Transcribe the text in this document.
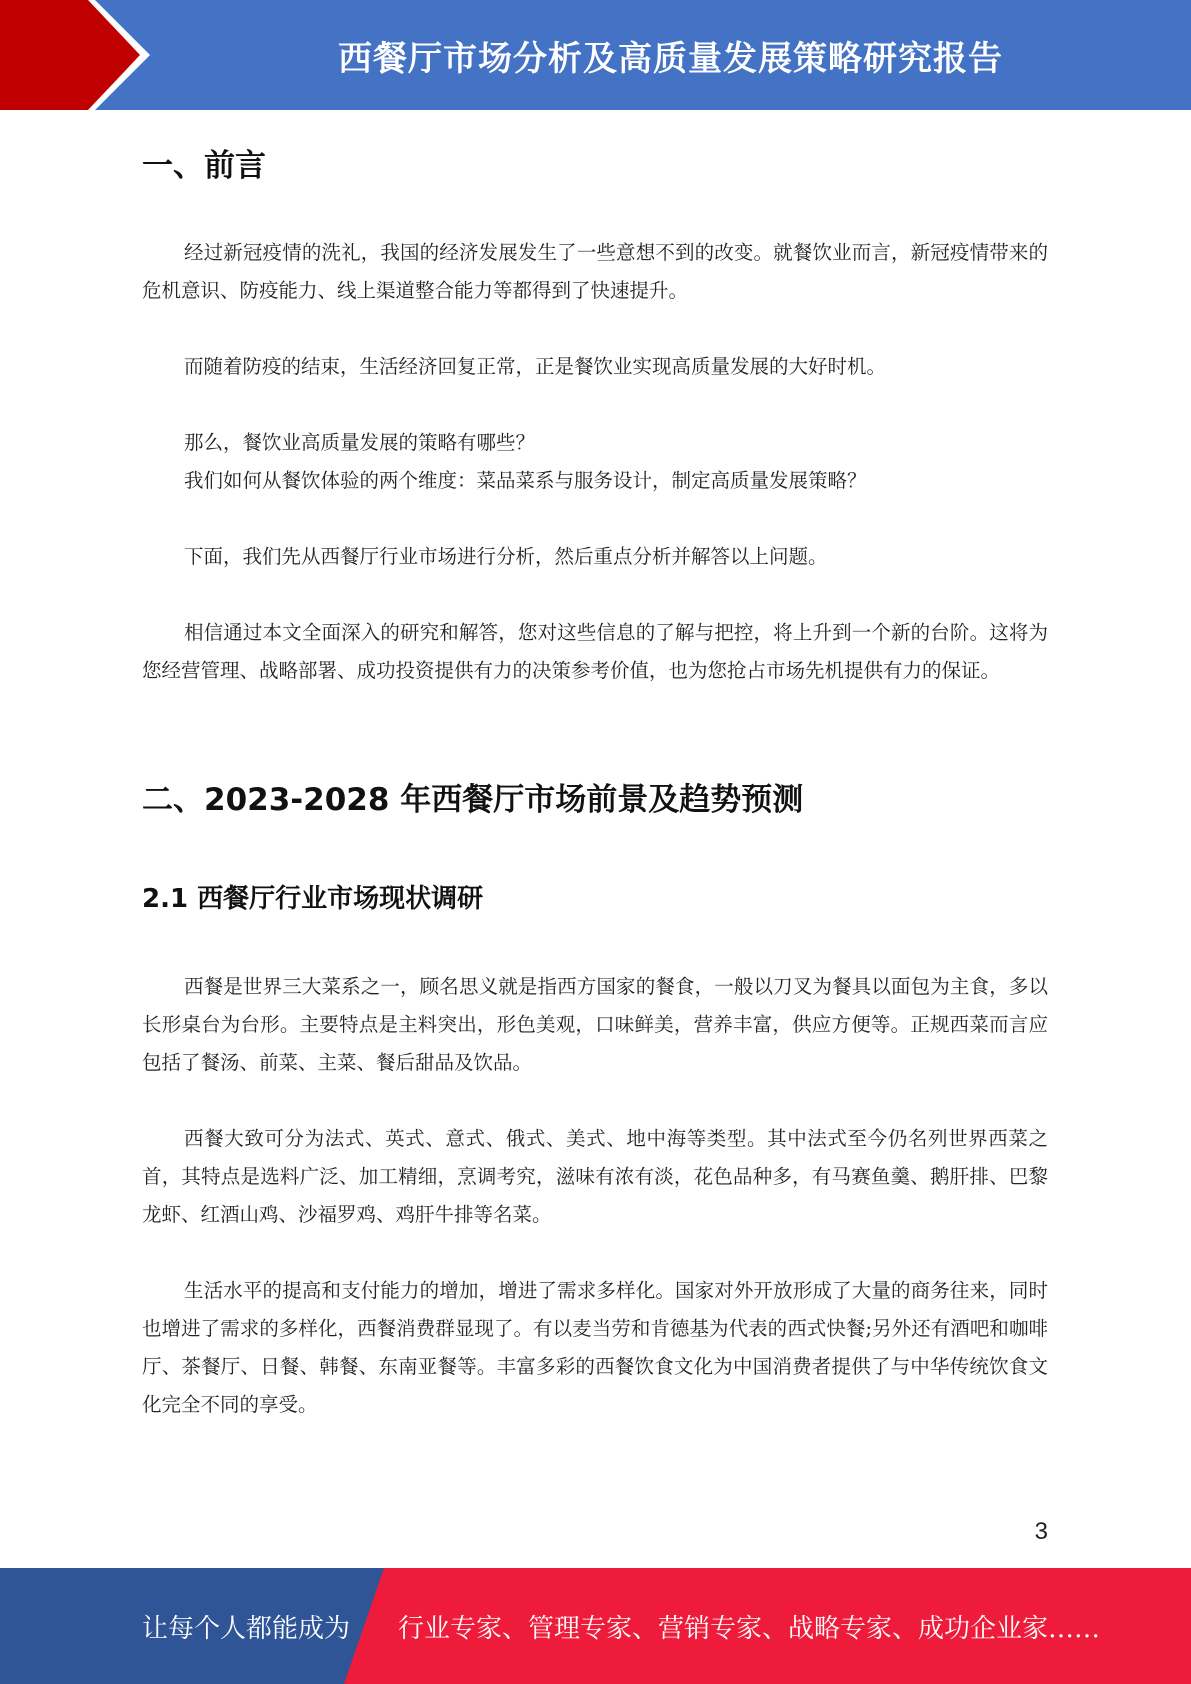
西餐厅市场分析及高质量发展策略研究报告
一、前言

经过新冠疫情的洗礼，我国的经济发展发生了一些意想不到的改变。就餐饮业而言，新冠疫情带来的危机意识、防疫能力、线上渠道整合能力等都得到了快速提升。

而随着防疫的结束，生活经济回复正常，正是餐饮业实现高质量发展的大好时机。

那么，餐饮业高质量发展的策略有哪些？

我们如何从餐饮体验的两个维度：菜品菜系与服务设计，制定高质量发展策略？

下面，我们先从西餐厅行业市场进行分析，然后重点分析并解答以上问题。

相信通过本文全面深入的研究和解答，您对这些信息的了解与把控，将上升到一个新的台阶。这将为您经营管理、战略部署、成功投资提供有力的决策参考价值，也为您抢占市场先机提供有力的保证。

二、2023-2028 年西餐厅市场前景及趋势预测
2.1 西餐厅行业市场现状调研

西餐是世界三大菜系之一，顾名思义就是指西方国家的餐食，一般以刀叉为餐具以面包为主食，多以长形桌台为台形。主要特点是主料突出，形色美观，口味鲜美，营养丰富，供应方便等。正规西菜而言应包括了餐汤、前菜、主菜、餐后甜品及饮品。

西餐大致可分为法式、英式、意式、俄式、美式、地中海等类型。其中法式至今仍名列世界西菜之首，其特点是选料广泛、加工精细，烹调考究，滋味有浓有淡，花色品种多，有马赛鱼羹、鹅肝排、巴黎龙虾、红酒山鸡、沙福罗鸡、鸡肝牛排等名菜。

生活水平的提高和支付能力的增加，增进了需求多样化。国家对外开放形成了大量的商务往来，同时也增进了需求的多样化，西餐消费群显现了。有以麦当劳和肯德基为代表的西式快餐;另外还有酒吧和咖啡厅、茶餐厅、日餐、韩餐、东南亚餐等。丰富多彩的西餐饮食文化为中国消费者提供了与中华传统饮食文化完全不同的享受。

3
让每个人都能成为 行业专家、管理专家、营销专家、战略专家、成功企业家……
